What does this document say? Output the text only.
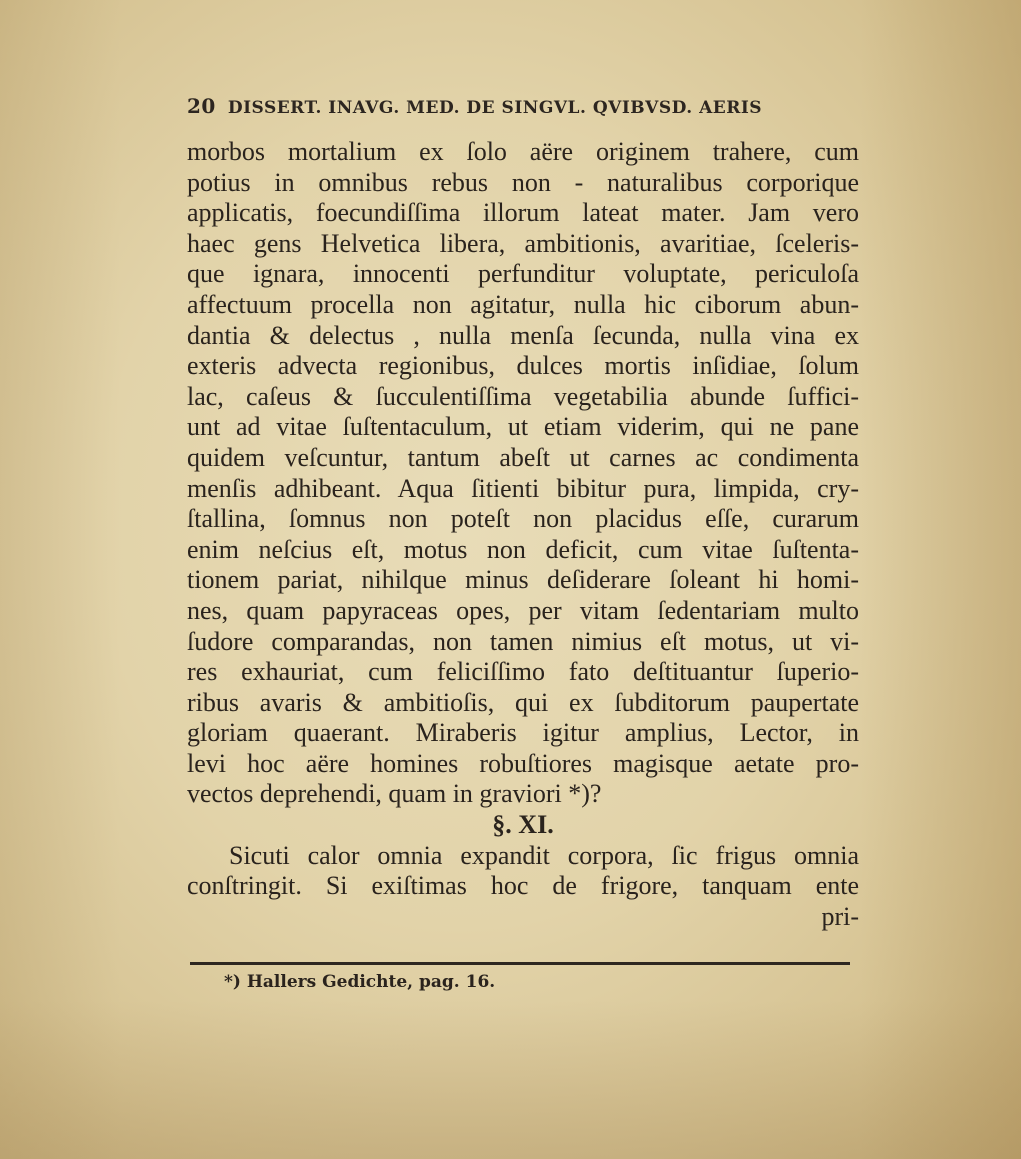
20 DISSERT. INAVG. MED. DE SINGVL. QVIBVSD. AERIS
morbos mortalium ex ſolo aëre originem trahere, cum
potius in omnibus rebus non - naturalibus corporique
applicatis, foecundiſſima illorum lateat mater. Jam vero
haec gens Helvetica libera, ambitionis, avaritiae, ſceleris-
que ignara, innocenti perfunditur voluptate, periculoſa
affectuum procella non agitatur, nulla hic ciborum abun-
dantia & delectus , nulla menſa ſecunda, nulla vina ex
exteris advecta regionibus, dulces mortis inſidiae, ſolum
lac, caſeus & ſucculentiſſima vegetabilia abunde ſuffici-
unt ad vitae ſuſtentaculum, ut etiam viderim, qui ne pane
quidem veſcuntur, tantum abeſt ut carnes ac condimenta
menſis adhibeant. Aqua ſitienti bibitur pura, limpida, cry-
ſtallina, ſomnus non poteſt non placidus eſſe, curarum
enim neſcius eſt, motus non deficit, cum vitae ſuſtenta-
tionem pariat, nihilque minus deſiderare ſoleant hi homi-
nes, quam papyraceas opes, per vitam ſedentariam multo
ſudore comparandas, non tamen nimius eſt motus, ut vi-
res exhauriat, cum feliciſſimo fato deſtituantur ſuperio-
ribus avaris & ambitioſis, qui ex ſubditorum paupertate
gloriam quaerant. Miraberis igitur amplius, Lector, in
levi hoc aëre homines robuſtiores magisque aetate pro-
vectos deprehendi, quam in graviori *)?
§. XI.
Sicuti calor omnia expandit corpora, ſic frigus omnia
conſtringit. Si exiſtimas hoc de frigore, tanquam ente
pri-
*) Hallers Gedichte, pag. 16.
